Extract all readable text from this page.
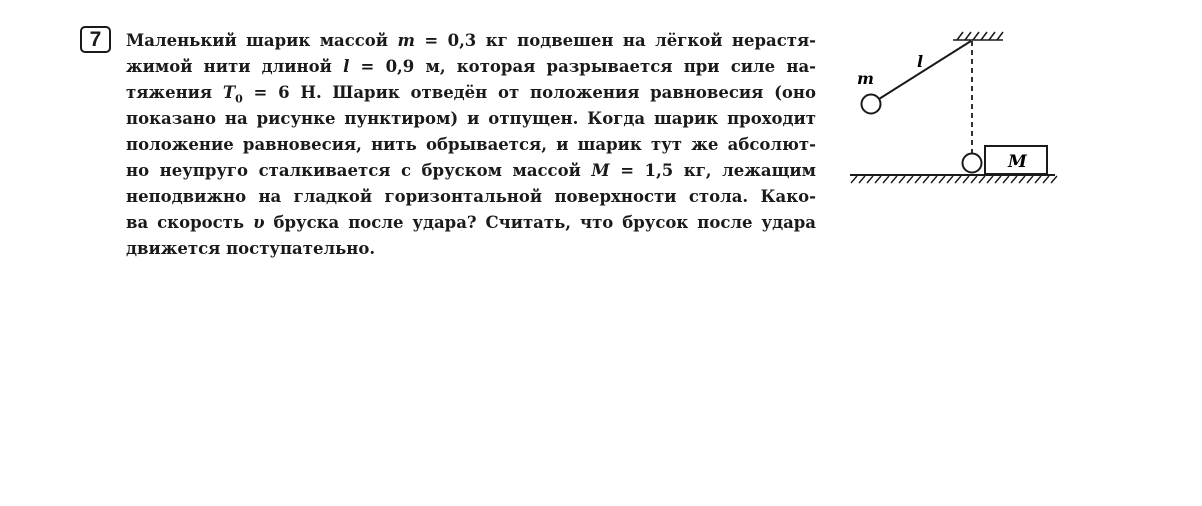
7	Маленький шарик массой m = 0,3 кг подвешен на лёгкой нерастя-
жимой нити длиной l = 0,9 м, которая разрывается при силе на-
тяжения $T_0 = 6$ Н. Шарик отведён от положения равновесия (оно
показано на рисунке пунктиром) и отпущен. Когда шарик проходит
положение равновесия, нить обрывается, и шарик тут же абсолют-
но неупруго сталкивается с бруском массой M = 1,5 кг, лежащим
неподвижно на гладкой горизонтальной поверхности стола. Како-
ва скорость υ бруска после удара? Считать, что брусок после удара
движется поступательно.
m
l
M
